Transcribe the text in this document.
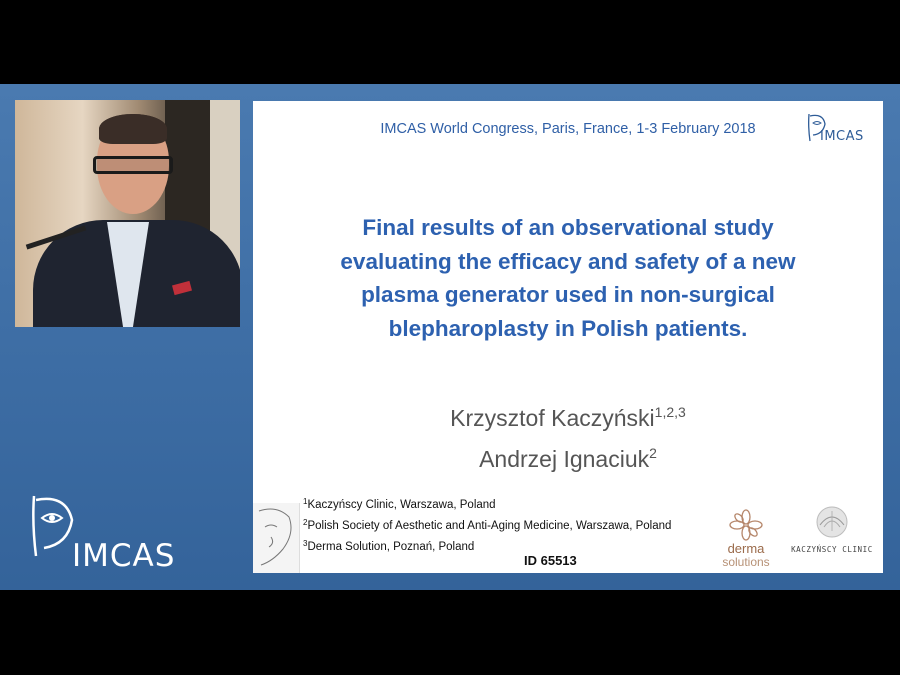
IMCAS
IMCAS World Congress, Paris, France, 1-3 February 2018	IMCAS
Final results of an observational study
evaluating the efficacy and safety of a new
plasma generator used in non-surgical
blepharoplasty in Polish patients.
Krzysztof Kaczyński$^{1,2,3}$
Andrzej Ignaciuk$^2$
$^1$Kaczyńscy Clinic, Warszawa, Poland
$^2$Polish Society of Aesthetic and Anti-Aging Medicine, Warszawa, Poland
$^3$Derma Solution, Poznań, Poland
ID 65513
derma
solutions
KACZYŃSCY CLINIC
